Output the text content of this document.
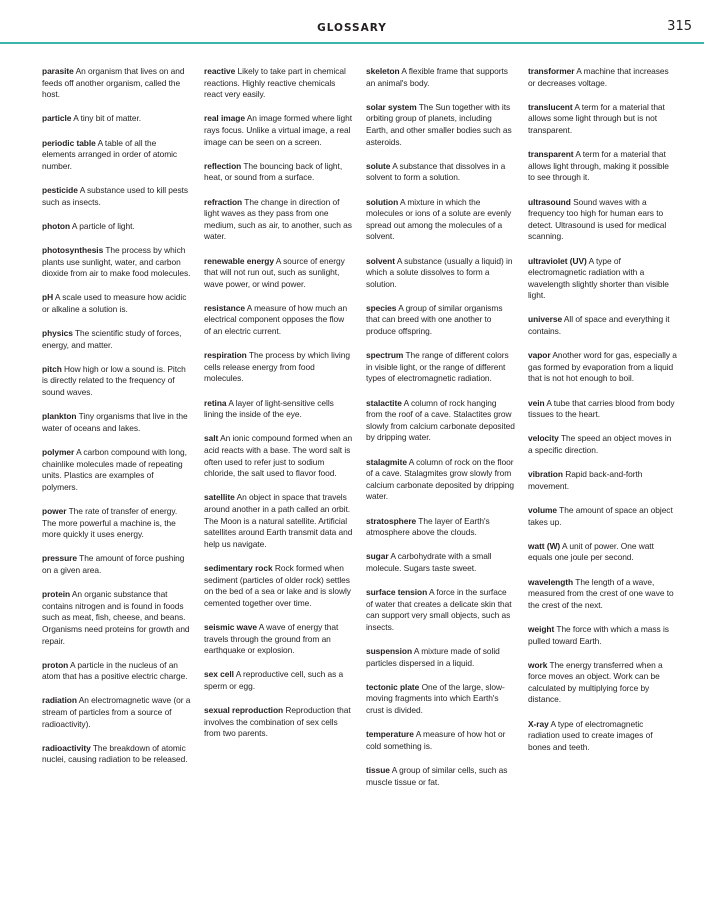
GLOSSARY	315

parasite An organism that lives on and feeds off another organism, called the host.

particle A tiny bit of matter.

periodic table A table of all the elements arranged in order of atomic number.

pesticide A substance used to kill pests such as insects.

photon A particle of light.

photosynthesis The process by which plants use sunlight, water, and carbon dioxide from air to make food molecules.

pH A scale used to measure how acidic or alkaline a solution is.

physics The scientific study of forces, energy, and matter.

pitch How high or low a sound is. Pitch is directly related to the frequency of sound waves.

plankton Tiny organisms that live in the water of oceans and lakes.

polymer A carbon compound with long, chainlike molecules made of repeating units. Plastics are examples of polymers.

power The rate of transfer of energy. The more powerful a machine is, the more quickly it uses energy.

pressure The amount of force pushing on a given area.

protein An organic substance that contains nitrogen and is found in foods such as meat, fish, cheese, and beans. Organisms need proteins for growth and repair.

proton A particle in the nucleus of an atom that has a positive electric charge.

radiation An electromagnetic wave (or a stream of particles from a source of radioactivity).

radioactivity The breakdown of atomic nuclei, causing radiation to be released.

reactive Likely to take part in chemical reactions. Highly reactive chemicals react very easily.

real image An image formed where light rays focus. Unlike a virtual image, a real image can be seen on a screen.

reflection The bouncing back of light, heat, or sound from a surface.

refraction The change in direction of light waves as they pass from one medium, such as air, to another, such as water.

renewable energy A source of energy that will not run out, such as sunlight, wave power, or wind power.

resistance A measure of how much an electrical component opposes the flow of an electric current.

respiration The process by which living cells release energy from food molecules.

retina A layer of light-sensitive cells lining the inside of the eye.

salt An ionic compound formed when an acid reacts with a base. The word salt is often used to refer just to sodium chloride, the salt used to flavor food.

satellite An object in space that travels around another in a path called an orbit. The Moon is a natural satellite. Artificial satellites around Earth transmit data and help us navigate.

sedimentary rock Rock formed when sediment (particles of older rock) settles on the bed of a sea or lake and is slowly cemented together over time.

seismic wave A wave of energy that travels through the ground from an earthquake or explosion.

sex cell A reproductive cell, such as a sperm or egg.

sexual reproduction Reproduction that involves the combination of sex cells from two parents.

skeleton A flexible frame that supports an animal's body.

solar system The Sun together with its orbiting group of planets, including Earth, and other smaller bodies such as asteroids.

solute A substance that dissolves in a solvent to form a solution.

solution A mixture in which the molecules or ions of a solute are evenly spread out among the molecules of a solvent.

solvent A substance (usually a liquid) in which a solute dissolves to form a solution.

species A group of similar organisms that can breed with one another to produce offspring.

spectrum The range of different colors in visible light, or the range of different types of electromagnetic radiation.

stalactite A column of rock hanging from the roof of a cave. Stalactites grow slowly from calcium carbonate deposited by dripping water.

stalagmite A column of rock on the floor of a cave. Stalagmites grow slowly from calcium carbonate deposited by dripping water.

stratosphere The layer of Earth's atmosphere above the clouds.

sugar A carbohydrate with a small molecule. Sugars taste sweet.

surface tension A force in the surface of water that creates a delicate skin that can support very small objects, such as insects.

suspension A mixture made of solid particles dispersed in a liquid.

tectonic plate One of the large, slow-moving fragments into which Earth's crust is divided.

temperature A measure of how hot or cold something is.

tissue A group of similar cells, such as muscle tissue or fat.

transformer A machine that increases or decreases voltage.

translucent A term for a material that allows some light through but is not transparent.

transparent A term for a material that allows light through, making it possible to see through it.

ultrasound Sound waves with a frequency too high for human ears to detect. Ultrasound is used for medical scanning.

ultraviolet (UV) A type of electromagnetic radiation with a wavelength slightly shorter than visible light.

universe All of space and everything it contains.

vapor Another word for gas, especially a gas formed by evaporation from a liquid that is not hot enough to boil.

vein A tube that carries blood from body tissues to the heart.

velocity The speed an object moves in a specific direction.

vibration Rapid back-and-forth movement.

volume The amount of space an object takes up.

watt (W) A unit of power. One watt equals one joule per second.

wavelength The length of a wave, measured from the crest of one wave to the crest of the next.

weight The force with which a mass is pulled toward Earth.

work The energy transferred when a force moves an object. Work can be calculated by multiplying force by distance.

X-ray A type of electromagnetic radiation used to create images of bones and teeth.
